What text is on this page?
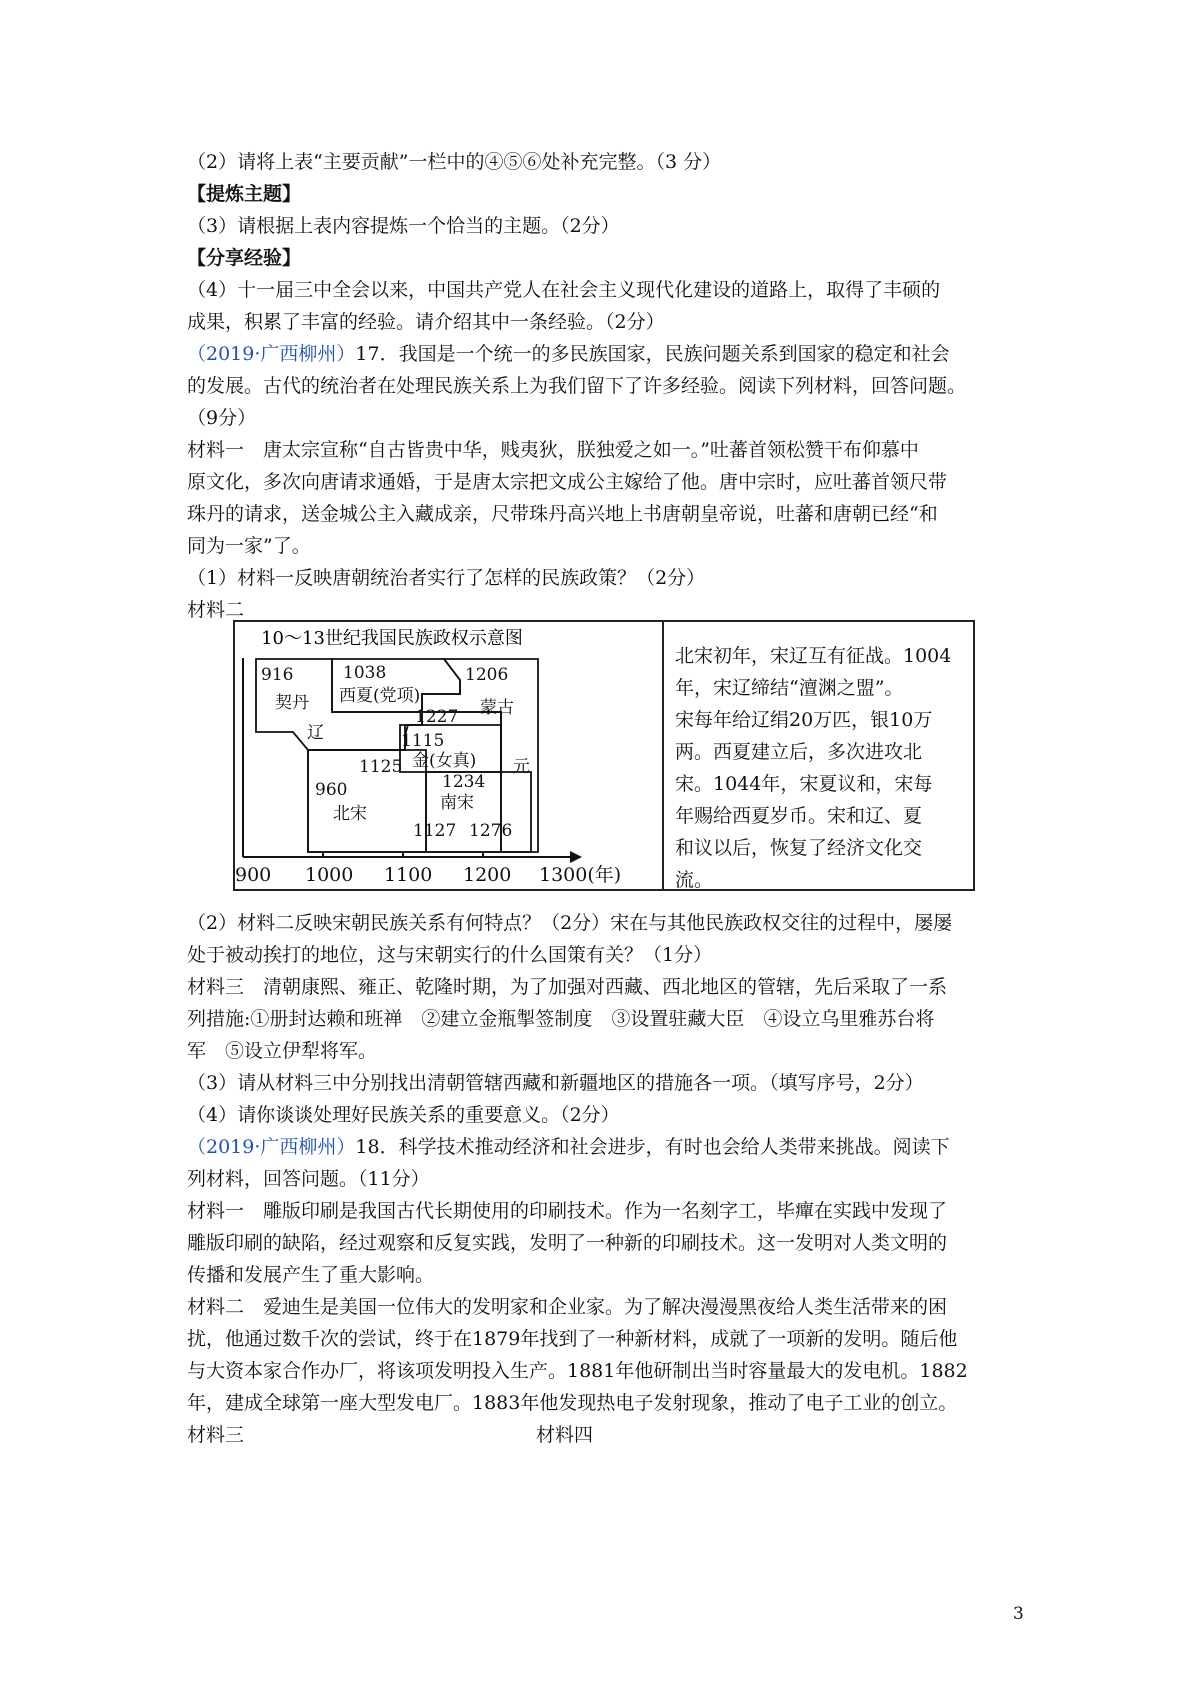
（2）请将上表“主要贡献”一栏中的④⑤⑥处补充完整。（3 分）
【提炼主题】
（3）请根据上表内容提炼一个恰当的主题。（2分）
【分享经验】
（4）十一届三中全会以来，中国共产党人在社会主义现代化建设的道路上，取得了丰硕的
成果，积累了丰富的经验。请介绍其中一条经验。（2分）
（2019·广西柳州）17．我国是一个统一的多民族国家，民族问题关系到国家的稳定和社会
的发展。古代的统治者在处理民族关系上为我们留下了许多经验。阅读下列材料，回答问题。
（9分）
材料一　唐太宗宣称“自古皆贵中华，贱夷狄，朕独爱之如一。”吐蕃首领松赞干布仰慕中
原文化，多次向唐请求通婚，于是唐太宗把文成公主嫁给了他。唐中宗时，应吐蕃首领尺带
珠丹的请求，送金城公主入藏成亲，尺带珠丹高兴地上书唐朝皇帝说，吐蕃和唐朝已经“和
同为一家”了。
（1）材料一反映唐朝统治者实行了怎样的民族政策？（2分）
材料二
10～13世纪我国民族政权示意图
916
契丹
辽
1125
1038
西夏(党项)
1227
1206
蒙古
1115
金(女真)
1234
元
960
北宋
南宋
1127 1276
900 1000 1100 1200 1300(年)
北宋初年，宋辽互有征战。1004
年，宋辽缔结“澶渊之盟”。
宋每年给辽绢20万匹，银10万
两。西夏建立后，多次进攻北
宋。1044年，宋夏议和，宋每
年赐给西夏岁币。宋和辽、夏
和议以后，恢复了经济文化交
流。
（2）材料二反映宋朝民族关系有何特点？（2分）宋在与其他民族政权交往的过程中，屡屡
处于被动挨打的地位，这与宋朝实行的什么国策有关？（1分）
材料三　清朝康熙、雍正、乾隆时期，为了加强对西藏、西北地区的管辖，先后采取了一系
列措施:①册封达赖和班禅　②建立金瓶掣签制度　③设置驻藏大臣　④设立乌里雅苏台将
军　⑤设立伊犁将军。
（3）请从材料三中分别找出清朝管辖西藏和新疆地区的措施各一项。（填写序号，2分）
（4）请你谈谈处理好民族关系的重要意义。（2分）
（2019·广西柳州）18．科学技术推动经济和社会进步，有时也会给人类带来挑战。阅读下
列材料，回答问题。（11分）
材料一　雕版印刷是我国古代长期使用的印刷技术。作为一名刻字工，毕癉在实践中发现了
雕版印刷的缺陷，经过观察和反复实践，发明了一种新的印刷技术。这一发明对人类文明的
传播和发展产生了重大影响。
材料二　爱迪生是美国一位伟大的发明家和企业家。为了解决漫漫黑夜给人类生活带来的困
扰，他通过数千次的尝试，终于在1879年找到了一种新材料，成就了一项新的发明。随后他
与大资本家合作办厂，将该项发明投入生产。1881年他研制出当时容量最大的发电机。1882
年，建成全球第一座大型发电厂。1883年他发现热电子发射现象，推动了电子工业的创立。
材料三	材料四
3
